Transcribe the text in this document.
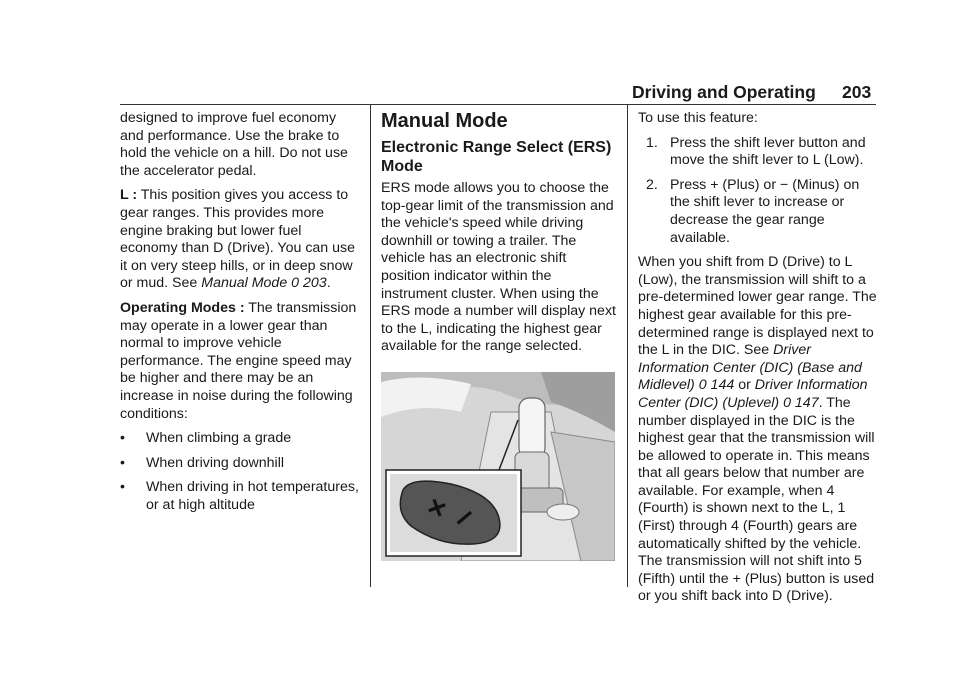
Driving and Operating 203

designed to improve fuel economy and performance. Use the brake to hold the vehicle on a hill. Do not use the accelerator pedal.

L : This position gives you access to gear ranges. This provides more engine braking but lower fuel economy than D (Drive). You can use it on very steep hills, or in deep snow or mud. See Manual Mode 0 203.

Operating Modes : The transmission may operate in a lower gear than normal to improve vehicle performance. The engine speed may be higher and there may be an increase in noise during the following conditions:

• When climbing a grade
• When driving downhill
• When driving in hot temperatures, or at high altitude
Manual Mode
Electronic Range Select (ERS) Mode

ERS mode allows you to choose the top-gear limit of the transmission and the vehicle's speed while driving downhill or towing a trailer. The vehicle has an electronic shift position indicator within the instrument cluster. When using the ERS mode a number will display next to the L, indicating the highest gear available for the range selected.

+
−

To use this feature:

1. Press the shift lever button and move the shift lever to L (Low).
2. Press + (Plus) or − (Minus) on the shift lever to increase or decrease the gear range available.

When you shift from D (Drive) to L (Low), the transmission will shift to a pre-determined lower gear range. The highest gear available for this pre-determined range is displayed next to the L in the DIC. See Driver Information Center (DIC) (Base and Midlevel) 0 144 or Driver Information Center (DIC) (Uplevel) 0 147. The number displayed in the DIC is the highest gear that the transmission will be allowed to operate in. This means that all gears below that number are available. For example, when 4 (Fourth) is shown next to the L, 1 (First) through 4 (Fourth) gears are automatically shifted by the vehicle. The transmission will not shift into 5 (Fifth) until the + (Plus) button is used or you shift back into D (Drive).
